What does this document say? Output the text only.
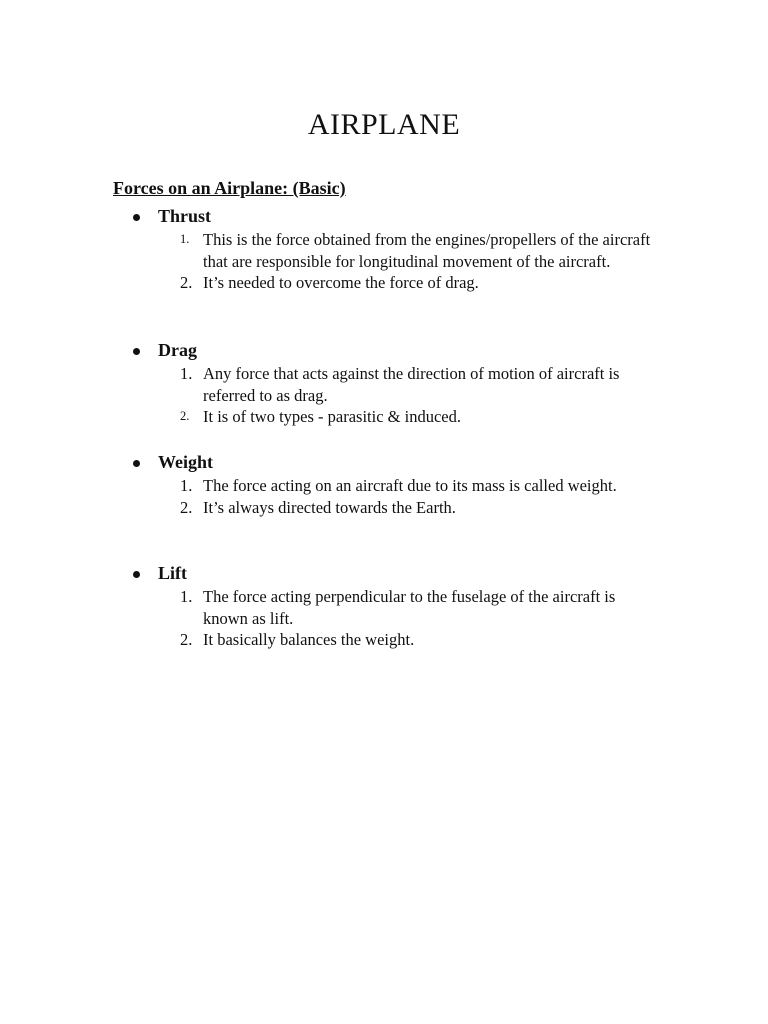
AIRPLANE
Forces on an Airplane: (Basic)
Thrust
1. This is the force obtained from the engines/propellers of the aircraft that are responsible for longitudinal movement of the aircraft.
2. It’s needed to overcome the force of drag.
Drag
1. Any force that acts against the direction of motion of aircraft is referred to as drag.
2. It is of two types - parasitic & induced.
Weight
1. The force acting on an aircraft due to its mass is called weight.
2. It’s always directed towards the Earth.
Lift
1. The force acting perpendicular to the fuselage of the aircraft is known as lift.
2. It basically balances the weight.
